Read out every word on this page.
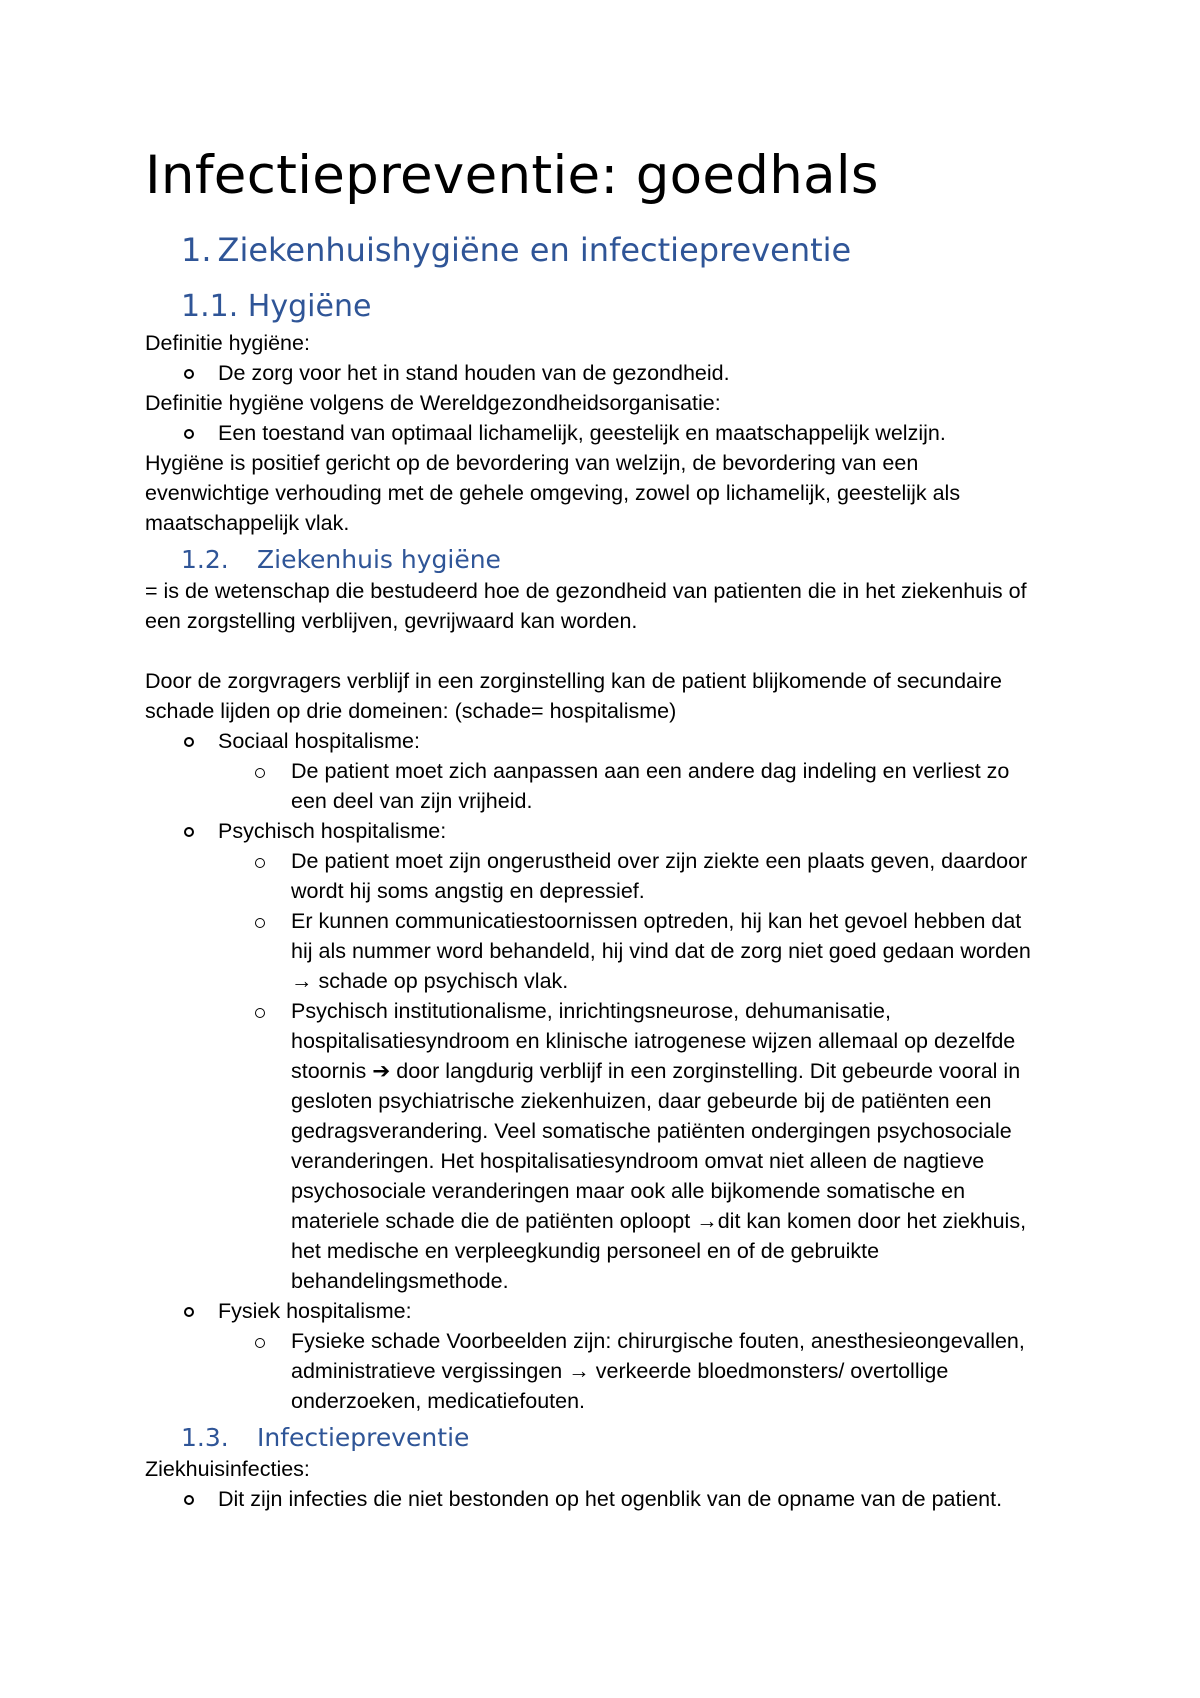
Infectiepreventie: goedhals
1. Ziekenhuishygiëne en infectiepreventie
1.1. Hygiëne

Definitie hygiëne:

De zorg voor het in stand houden van de gezondheid.

Definitie hygiëne volgens de Wereldgezondheidsorganisatie:

Een toestand van optimaal lichamelijk, geestelijk en maatschappelijk welzijn.

Hygiëne is positief gericht op de bevordering van welzijn, de bevordering van een

evenwichtige verhouding met de gehele omgeving, zowel op lichamelijk, geestelijk als

maatschappelijk vlak.

1.2. Ziekenhuis hygiëne

= is de wetenschap die bestudeerd hoe de gezondheid van patienten die in het ziekenhuis of

een zorgstelling verblijven, gevrijwaard kan worden.

Door de zorgvragers verblijf in een zorginstelling kan de patient blijkomende of secundaire

schade lijden op drie domeinen: (schade= hospitalisme)

Sociaal hospitalisme:
De patient moet zich aanpassen aan een andere dag indeling en verliest zo
een deel van zijn vrijheid.
Psychisch hospitalisme:
De patient moet zijn ongerustheid over zijn ziekte een plaats geven, daardoor
wordt hij soms angstig en depressief.
Er kunnen communicatiestoornissen optreden, hij kan het gevoel hebben dat
hij als nummer word behandeld, hij vind dat de zorg niet goed gedaan worden
→ schade op psychisch vlak.
Psychisch institutionalisme, inrichtingsneurose, dehumanisatie,
hospitalisatiesyndroom en klinische iatrogenese wijzen allemaal op dezelfde
stoornis ➔ door langdurig verblijf in een zorginstelling. Dit gebeurde vooral in
gesloten psychiatrische ziekenhuizen, daar gebeurde bij de patiënten een
gedragsverandering. Veel somatische patiënten ondergingen psychosociale
veranderingen. Het hospitalisatiesyndroom omvat niet alleen de nagtieve
psychosociale veranderingen maar ook alle bijkomende somatische en
materiele schade die de patiënten oploopt →dit kan komen door het ziekhuis,
het medische en verpleegkundig personeel en of de gebruikte
behandelingsmethode.
Fysiek hospitalisme:
Fysieke schade Voorbeelden zijn: chirurgische fouten, anesthesieongevallen,
administratieve vergissingen → verkeerde bloedmonsters/ overtollige
onderzoeken, medicatiefouten.
1.3. Infectiepreventie

Ziekhuisinfecties:

Dit zijn infecties die niet bestonden op het ogenblik van de opname van de patient.
